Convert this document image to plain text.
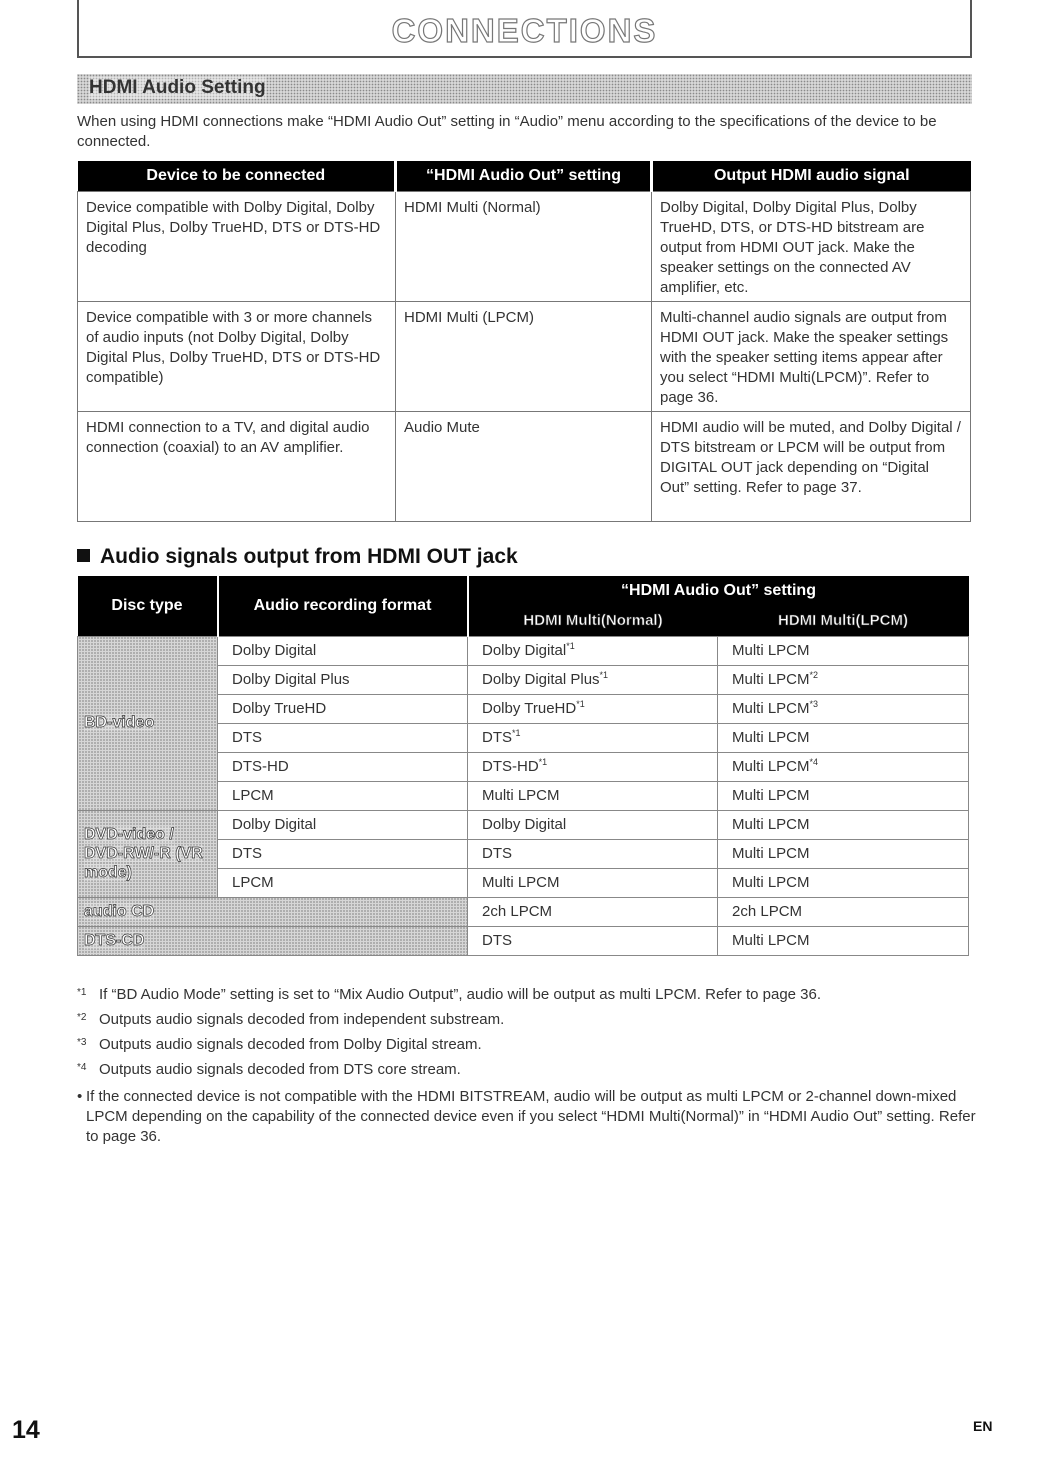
CONNECTIONS
HDMI Audio Setting
When using HDMI connections make “HDMI Audio Out” setting in “Audio” menu according to the specifications of the device to be connected.
Device to be connected	“HDMI Audio Out” setting	Output HDMI audio signal
Device compatible with Dolby Digital, Dolby Digital Plus, Dolby TrueHD, DTS or DTS-HD decoding	HDMI Multi (Normal)	Dolby Digital, Dolby Digital Plus, Dolby TrueHD, DTS, or DTS-HD bitstream are output from HDMI OUT jack. Make the speaker settings on the connected AV amplifier, etc.
Device compatible with 3 or more channels of audio inputs (not Dolby Digital, Dolby Digital Plus, Dolby TrueHD, DTS or DTS-HD compatible)	HDMI Multi (LPCM)	Multi-channel audio signals are output from HDMI OUT jack. Make the speaker settings with the speaker setting items appear after you select “HDMI Multi(LPCM)”. Refer to page 36.
HDMI connection to a TV, and digital audio connection (coaxial) to an AV amplifier.	Audio Mute	HDMI audio will be muted, and Dolby Digital / DTS bitstream or LPCM will be output from DIGITAL OUT jack depending on “Digital Out” setting. Refer to page 37.
Audio signals output from HDMI OUT jack
Disc type	Audio recording format	“HDMI Audio Out” setting	
		HDMI Multi(Normal)	HDMI Multi(LPCM)
BD-video	Dolby Digital	Dolby Digital$^{*1}$	Multi LPCM
	Dolby Digital Plus	Dolby Digital Plus$^{*1}$	Multi LPCM$^{*2}$
	Dolby TrueHD	Dolby TrueHD$^{*1}$	Multi LPCM$^{*3}$
	DTS	DTS$^{*1}$	Multi LPCM
	DTS-HD	DTS-HD$^{*1}$	Multi LPCM$^{*4}$
	LPCM	Multi LPCM	Multi LPCM
DVD-video / DVD-RW/-R (VR mode)	Dolby Digital	Dolby Digital	Multi LPCM
	DTS	DTS	Multi LPCM
	LPCM	Multi LPCM	Multi LPCM
audio CD		2ch LPCM	2ch LPCM
DTS-CD		DTS	Multi LPCM
*1 If “BD Audio Mode” setting is set to “Mix Audio Output”, audio will be output as multi LPCM. Refer to page 36.
*2 Outputs audio signals decoded from independent substream.
*3 Outputs audio signals decoded from Dolby Digital stream.
*4 Outputs audio signals decoded from DTS core stream.
• If the connected device is not compatible with the HDMI BITSTREAM, audio will be output as multi LPCM or 2-channel down-mixed LPCM depending on the capability of the connected device even if you select “HDMI Multi(Normal)” in “HDMI Audio Out” setting. Refer to page 36.
14	EN
